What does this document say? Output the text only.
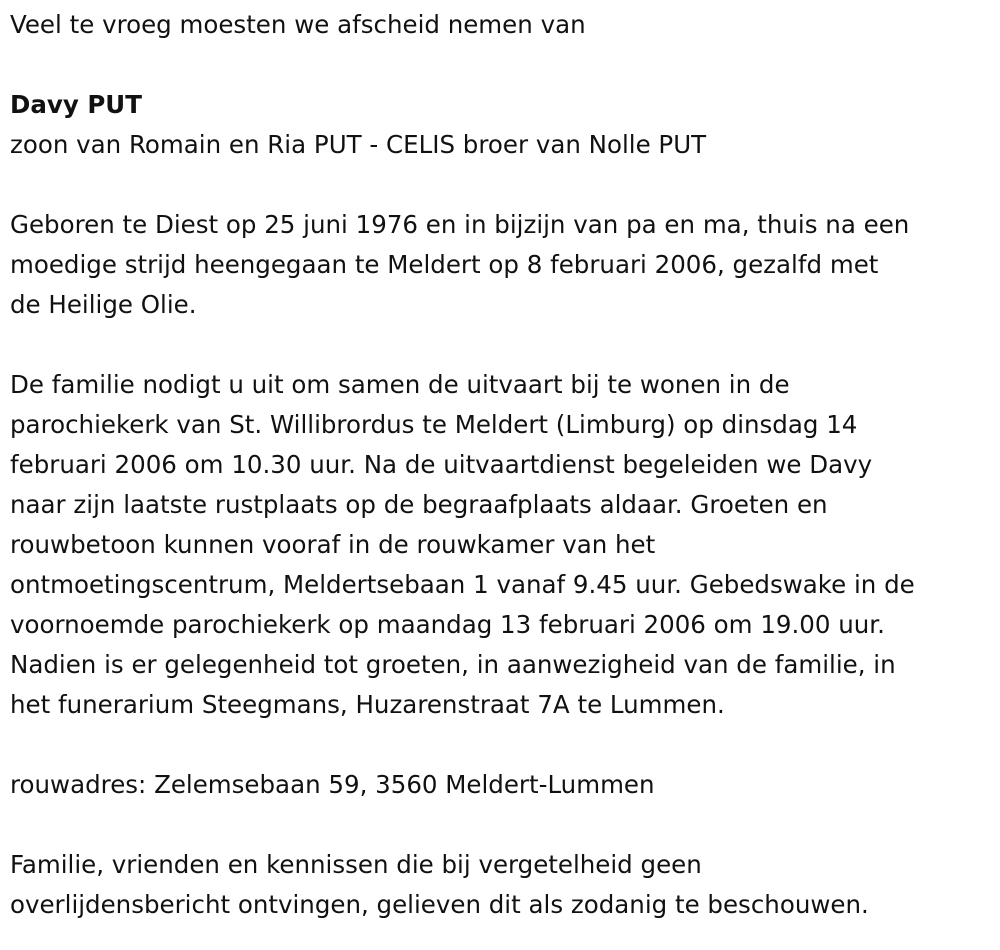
Veel te vroeg moesten we afscheid nemen van
Davy PUT
zoon van Romain en Ria PUT - CELIS broer van Nolle PUT
Geboren te Diest op 25 juni 1976 en in bijzijn van pa en ma, thuis na een
moedige strijd heengegaan te Meldert op 8 februari 2006, gezalfd met
de Heilige Olie.
De familie nodigt u uit om samen de uitvaart bij te wonen in de
parochiekerk van St. Willibrordus te Meldert (Limburg) op dinsdag 14
februari 2006 om 10.30 uur. Na de uitvaartdienst begeleiden we Davy
naar zijn laatste rustplaats op de begraafplaats aldaar. Groeten en
rouwbetoon kunnen vooraf in de rouwkamer van het
ontmoetingscentrum, Meldertsebaan 1 vanaf 9.45 uur. Gebedswake in de
voornoemde parochiekerk op maandag 13 februari 2006 om 19.00 uur.
Nadien is er gelegenheid tot groeten, in aanwezigheid van de familie, in
het funerarium Steegmans, Huzarenstraat 7A te Lummen.
rouwadres: Zelemsebaan 59, 3560 Meldert-Lummen
Familie, vrienden en kennissen die bij vergetelheid geen
overlijdensbericht ontvingen, gelieven dit als zodanig te beschouwen.
